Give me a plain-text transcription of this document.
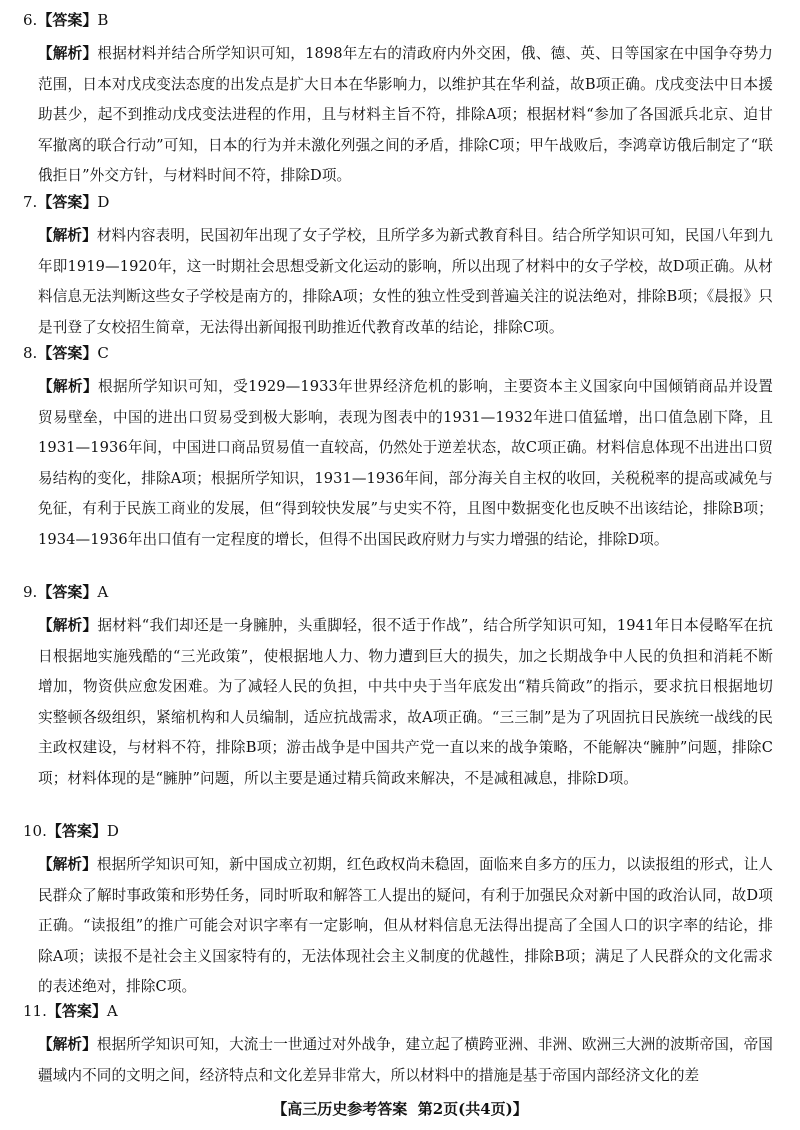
6.【答案】B
【解析】根据材料并结合所学知识可知，1898年左右的清政府内外交困，俄、德、英、日等国家在中国争夺势力范围，日本对戊戌变法态度的出发点是扩大日本在华影响力，以维护其在华利益，故B项正确。戊戌变法中日本援助甚少，起不到推动戊戌变法进程的作用，且与材料主旨不符，排除A项；根据材料“参加了各国派兵北京、迫甘军撤离的联合行动”可知，日本的行为并未激化列强之间的矛盾，排除C项；甲午战败后，李鸿章访俄后制定了“联俄拒日”外交方针，与材料时间不符，排除D项。
7.【答案】D
【解析】材料内容表明，民国初年出现了女子学校，且所学多为新式教育科目。结合所学知识可知，民国八年到九年即1919—1920年，这一时期社会思想受新文化运动的影响，所以出现了材料中的女子学校，故D项正确。从材料信息无法判断这些女子学校是南方的，排除A项；女性的独立性受到普遍关注的说法绝对，排除B项；《晨报》只是刊登了女校招生简章，无法得出新闻报刊助推近代教育改革的结论，排除C项。
8.【答案】C
【解析】根据所学知识可知，受1929—1933年世界经济危机的影响，主要资本主义国家向中国倾销商品并设置贸易壁垒，中国的进出口贸易受到极大影响，表现为图表中的1931—1932年进口值猛增，出口值急剧下降，且1931—1936年间，中国进口商品贸易值一直较高，仍然处于逆差状态，故C项正确。材料信息体现不出进出口贸易结构的变化，排除A项；根据所学知识，1931—1936年间，部分海关自主权的收回，关税税率的提高或减免与免征，有利于民族工商业的发展，但“得到较快发展”与史实不符，且图中数据变化也反映不出该结论，排除B项；1934—1936年出口值有一定程度的增长，但得不出国民政府财力与实力增强的结论，排除D项。
9.【答案】A
【解析】据材料“我们却还是一身臃肿，头重脚轻，很不适于作战”，结合所学知识可知，1941年日本侵略军在抗日根据地实施残酷的“三光政策”，使根据地人力、物力遭到巨大的损失，加之长期战争中人民的负担和消耗不断增加，物资供应愈发困难。为了减轻人民的负担，中共中央于当年底发出“精兵简政”的指示，要求抗日根据地切实整顿各级组织，紧缩机构和人员编制，适应抗战需求，故A项正确。“三三制”是为了巩固抗日民族统一战线的民主政权建设，与材料不符，排除B项；游击战争是中国共产党一直以来的战争策略，不能解决“臃肿”问题，排除C项；材料体现的是“臃肿”问题，所以主要是通过精兵简政来解决，不是减租减息，排除D项。
10.【答案】D
【解析】根据所学知识可知，新中国成立初期，红色政权尚未稳固，面临来自多方的压力，以读报组的形式，让人民群众了解时事政策和形势任务，同时听取和解答工人提出的疑问，有利于加强民众对新中国的政治认同，故D项正确。“读报组”的推广可能会对识字率有一定影响，但从材料信息无法得出提高了全国人口的识字率的结论，排除A项；读报不是社会主义国家特有的，无法体现社会主义制度的优越性，排除B项；满足了人民群众的文化需求的表述绝对，排除C项。
11.【答案】A
【解析】根据所学知识可知，大流士一世通过对外战争，建立起了横跨亚洲、非洲、欧洲三大洲的波斯帝国，帝国疆域内不同的文明之间，经济特点和文化差异非常大，所以材料中的措施是基于帝国内部经济文化的差
【高三历史参考答案 第2页(共4页)】
